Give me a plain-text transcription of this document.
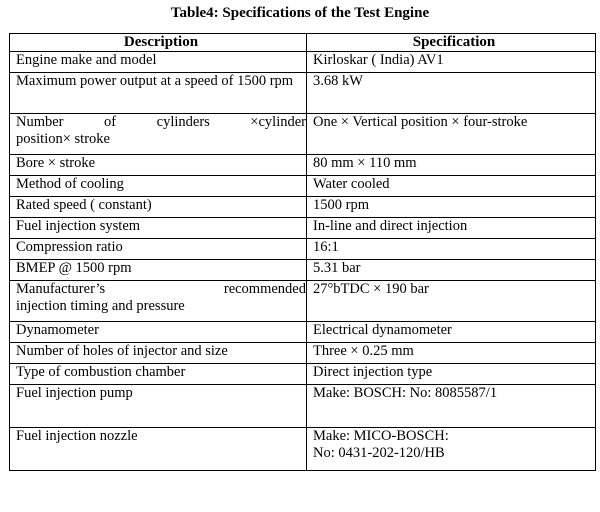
Table4: Specifications of the Test Engine
Description	Specification
Engine make and model	Kirloskar ( India) AV1
Maximum power output at a speed of 1500 rpm	3.68 kW

Number of cylinders ×cylinder
position× stroke	One × Vertical position × four-stroke
Bore × stroke	80 mm × 110 mm
Method of cooling	Water cooled
Rated speed ( constant)	1500 rpm
Fuel injection system	In-line and direct injection
Compression ratio	16:1
BMEP @ 1500 rpm	5.31 bar

Manufacturer’s recommended
injection timing and pressure	27°bTDC × 190 bar
Dynamometer	Electrical dynamometer
Number of holes of injector and size	Three × 0.25 mm
Type of combustion chamber	Direct injection type
Fuel injection pump	Make: BOSCH: No: 8085587/1
Fuel injection nozzle	Make: MICO-BOSCH:
No: 0431-202-120/HB
